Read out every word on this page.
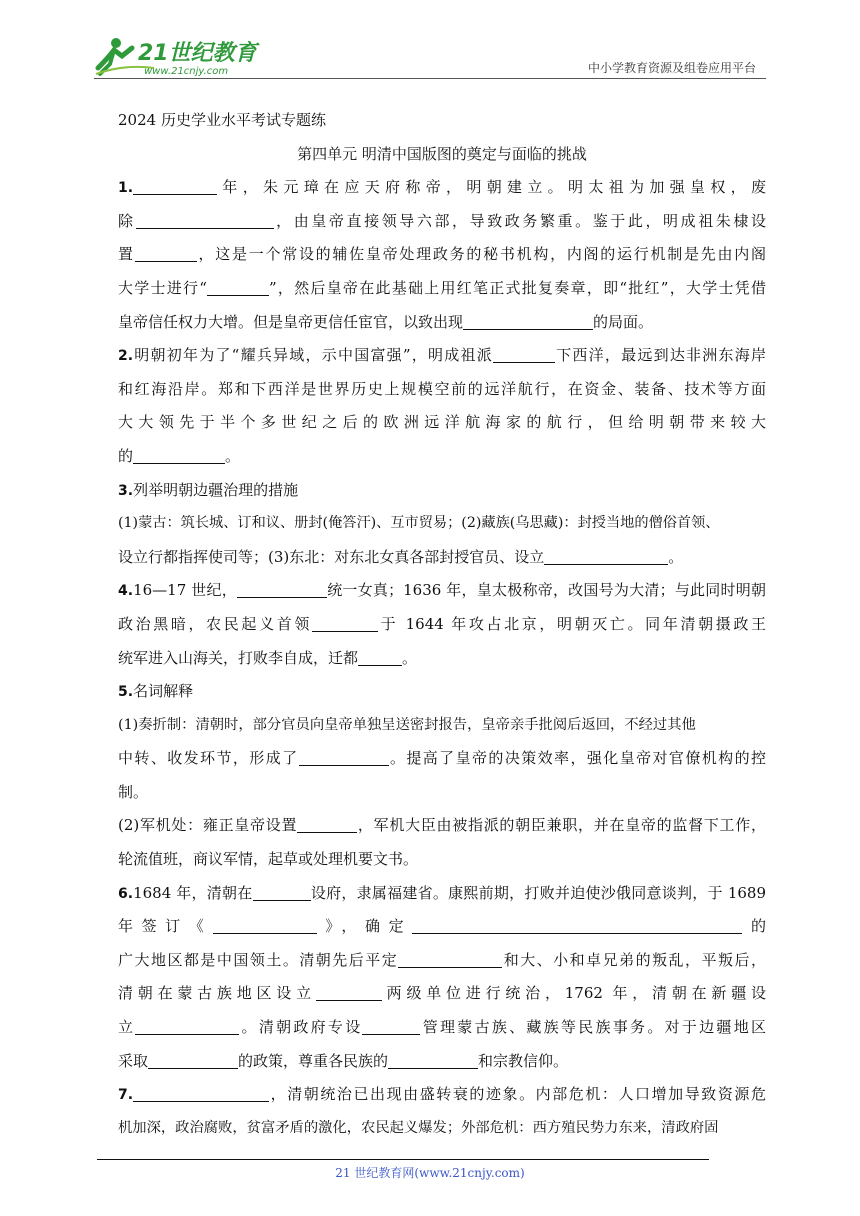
21世纪教育
www.21cnjy.com	中小学教育资源及组卷应用平台
2024 历史学业水平考试专题练
第四单元 明清中国版图的奠定与面临的挑战
1.	年，朱元璋在应天府称帝，明朝建立。明太祖为加强皇权，废
除	，由皇帝直接领导六部，导致政务繁重。鉴于此，明成祖朱棣设
置	，这是一个常设的辅佐皇帝处理政务的秘书机构，内阁的运行机制是先由内阁
大学士进行“	”，然后皇帝在此基础上用红笔正式批复奏章，即“批红”，大学士凭借
皇帝信任权力大增。但是皇帝更信任宦官，以致出现	的局面。
2.明朝初年为了“耀兵异域，示中国富强”，明成祖派	下西洋，最远到达非洲东海岸
和红海沿岸。郑和下西洋是世界历史上规模空前的远洋航行，在资金、装备、技术等方面
大大领先于半个多世纪之后的欧洲远洋航海家的航行，但给明朝带来较大
的	。
3.列举明朝边疆治理的措施
(1)蒙古：筑长城、订和议、册封(俺答汗)、互市贸易；(2)藏族(乌思藏)：封授当地的僧俗首领、
设立行都指挥使司等；(3)东北：对东北女真各部封授官员、设立	。
4.16—17 世纪，	统一女真；1636 年，皇太极称帝，改国号为大清；与此同时明朝
政治黑暗，农民起义首领	于 1644 年攻占北京，明朝灭亡。同年清朝摄政王
统军进入山海关，打败李自成，迁都	。
5.名词解释
(1)奏折制：清朝时，部分官员向皇帝单独呈送密封报告，皇帝亲手批阅后返回，不经过其他
中转、收发环节，形成了	。提高了皇帝的决策效率，强化皇帝对官僚机构的控
制。
(2)军机处：雍正皇帝设置	，军机大臣由被指派的朝臣兼职，并在皇帝的监督下工作，
轮流值班，商议军情，起草或处理机要文书。
6.1684 年，清朝在	设府，隶属福建省。康熙前期，打败并迫使沙俄同意谈判，于 1689
年签订《	》，确定	的
广大地区都是中国领土。清朝先后平定	和大、小和卓兄弟的叛乱，平叛后，
清朝在蒙古族地区设立	两级单位进行统治，1762 年，清朝在新疆设
立	。清朝政府专设	管理蒙古族、藏族等民族事务。对于边疆地区
采取	的政策，尊重各民族的	和宗教信仰。
7.	，清朝统治已出现由盛转衰的迹象。内部危机：人口增加导致资源危
机加深，政治腐败，贫富矛盾的激化，农民起义爆发；外部危机：西方殖民势力东来，清政府固
21 世纪教育网(www.21cnjy.com)
